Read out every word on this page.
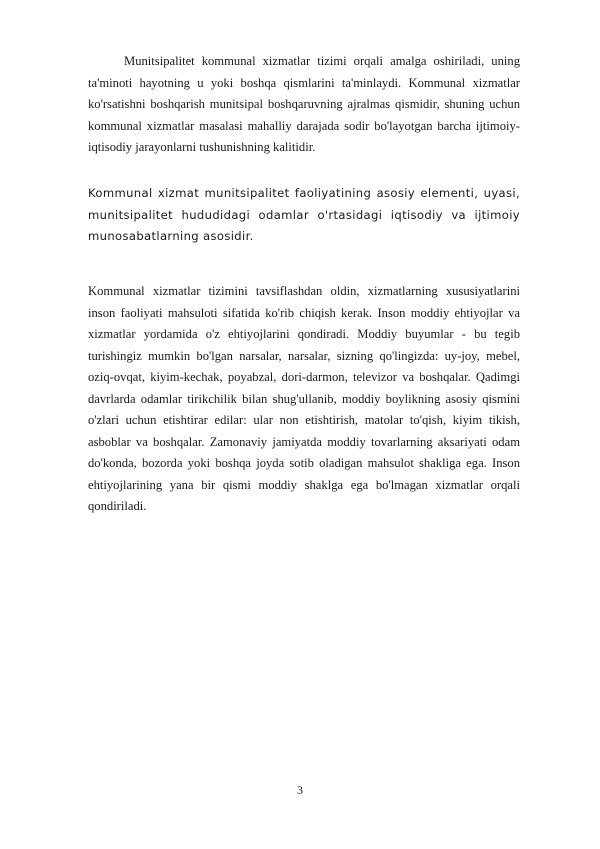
Munitsipalitet kommunal xizmatlar tizimi orqali amalga oshiriladi, uning ta'minoti hayotning u yoki boshqa qismlarini ta'minlaydi. Kommunal xizmatlar ko'rsatishni boshqarish munitsipal boshqaruvning ajralmas qismidir, shuning uchun kommunal xizmatlar masalasi mahalliy darajada sodir bo'layotgan barcha ijtimoiy-iqtisodiy jarayonlarni tushunishning kalitidir.

Kommunal xizmat munitsipalitet faoliyatining asosiy elementi, uyasi, munitsipalitet hududidagi odamlar o'rtasidagi iqtisodiy va ijtimoiy munosabatlarning asosidir.

Kommunal xizmatlar tizimini tavsiflashdan oldin, xizmatlarning xususiyatlarini inson faoliyati mahsuloti sifatida ko'rib chiqish kerak. Inson moddiy ehtiyojlar va xizmatlar yordamida o'z ehtiyojlarini qondiradi. Moddiy buyumlar - bu tegib turishingiz mumkin bo'lgan narsalar, narsalar, sizning qo'lingizda: uy-joy, mebel, oziq-ovqat, kiyim-kechak, poyabzal, dori-darmon, televizor va boshqalar. Qadimgi davrlarda odamlar tirikchilik bilan shug'ullanib, moddiy boylikning asosiy qismini o'zlari uchun etishtirar edilar: ular non etishtirish, matolar to'qish, kiyim tikish, asboblar va boshqalar. Zamonaviy jamiyatda moddiy tovarlarning aksariyati odam do'konda, bozorda yoki boshqa joyda sotib oladigan mahsulot shakliga ega. Inson ehtiyojlarining yana bir qismi moddiy shaklga ega bo'lmagan xizmatlar orqali qondiriladi.

3
